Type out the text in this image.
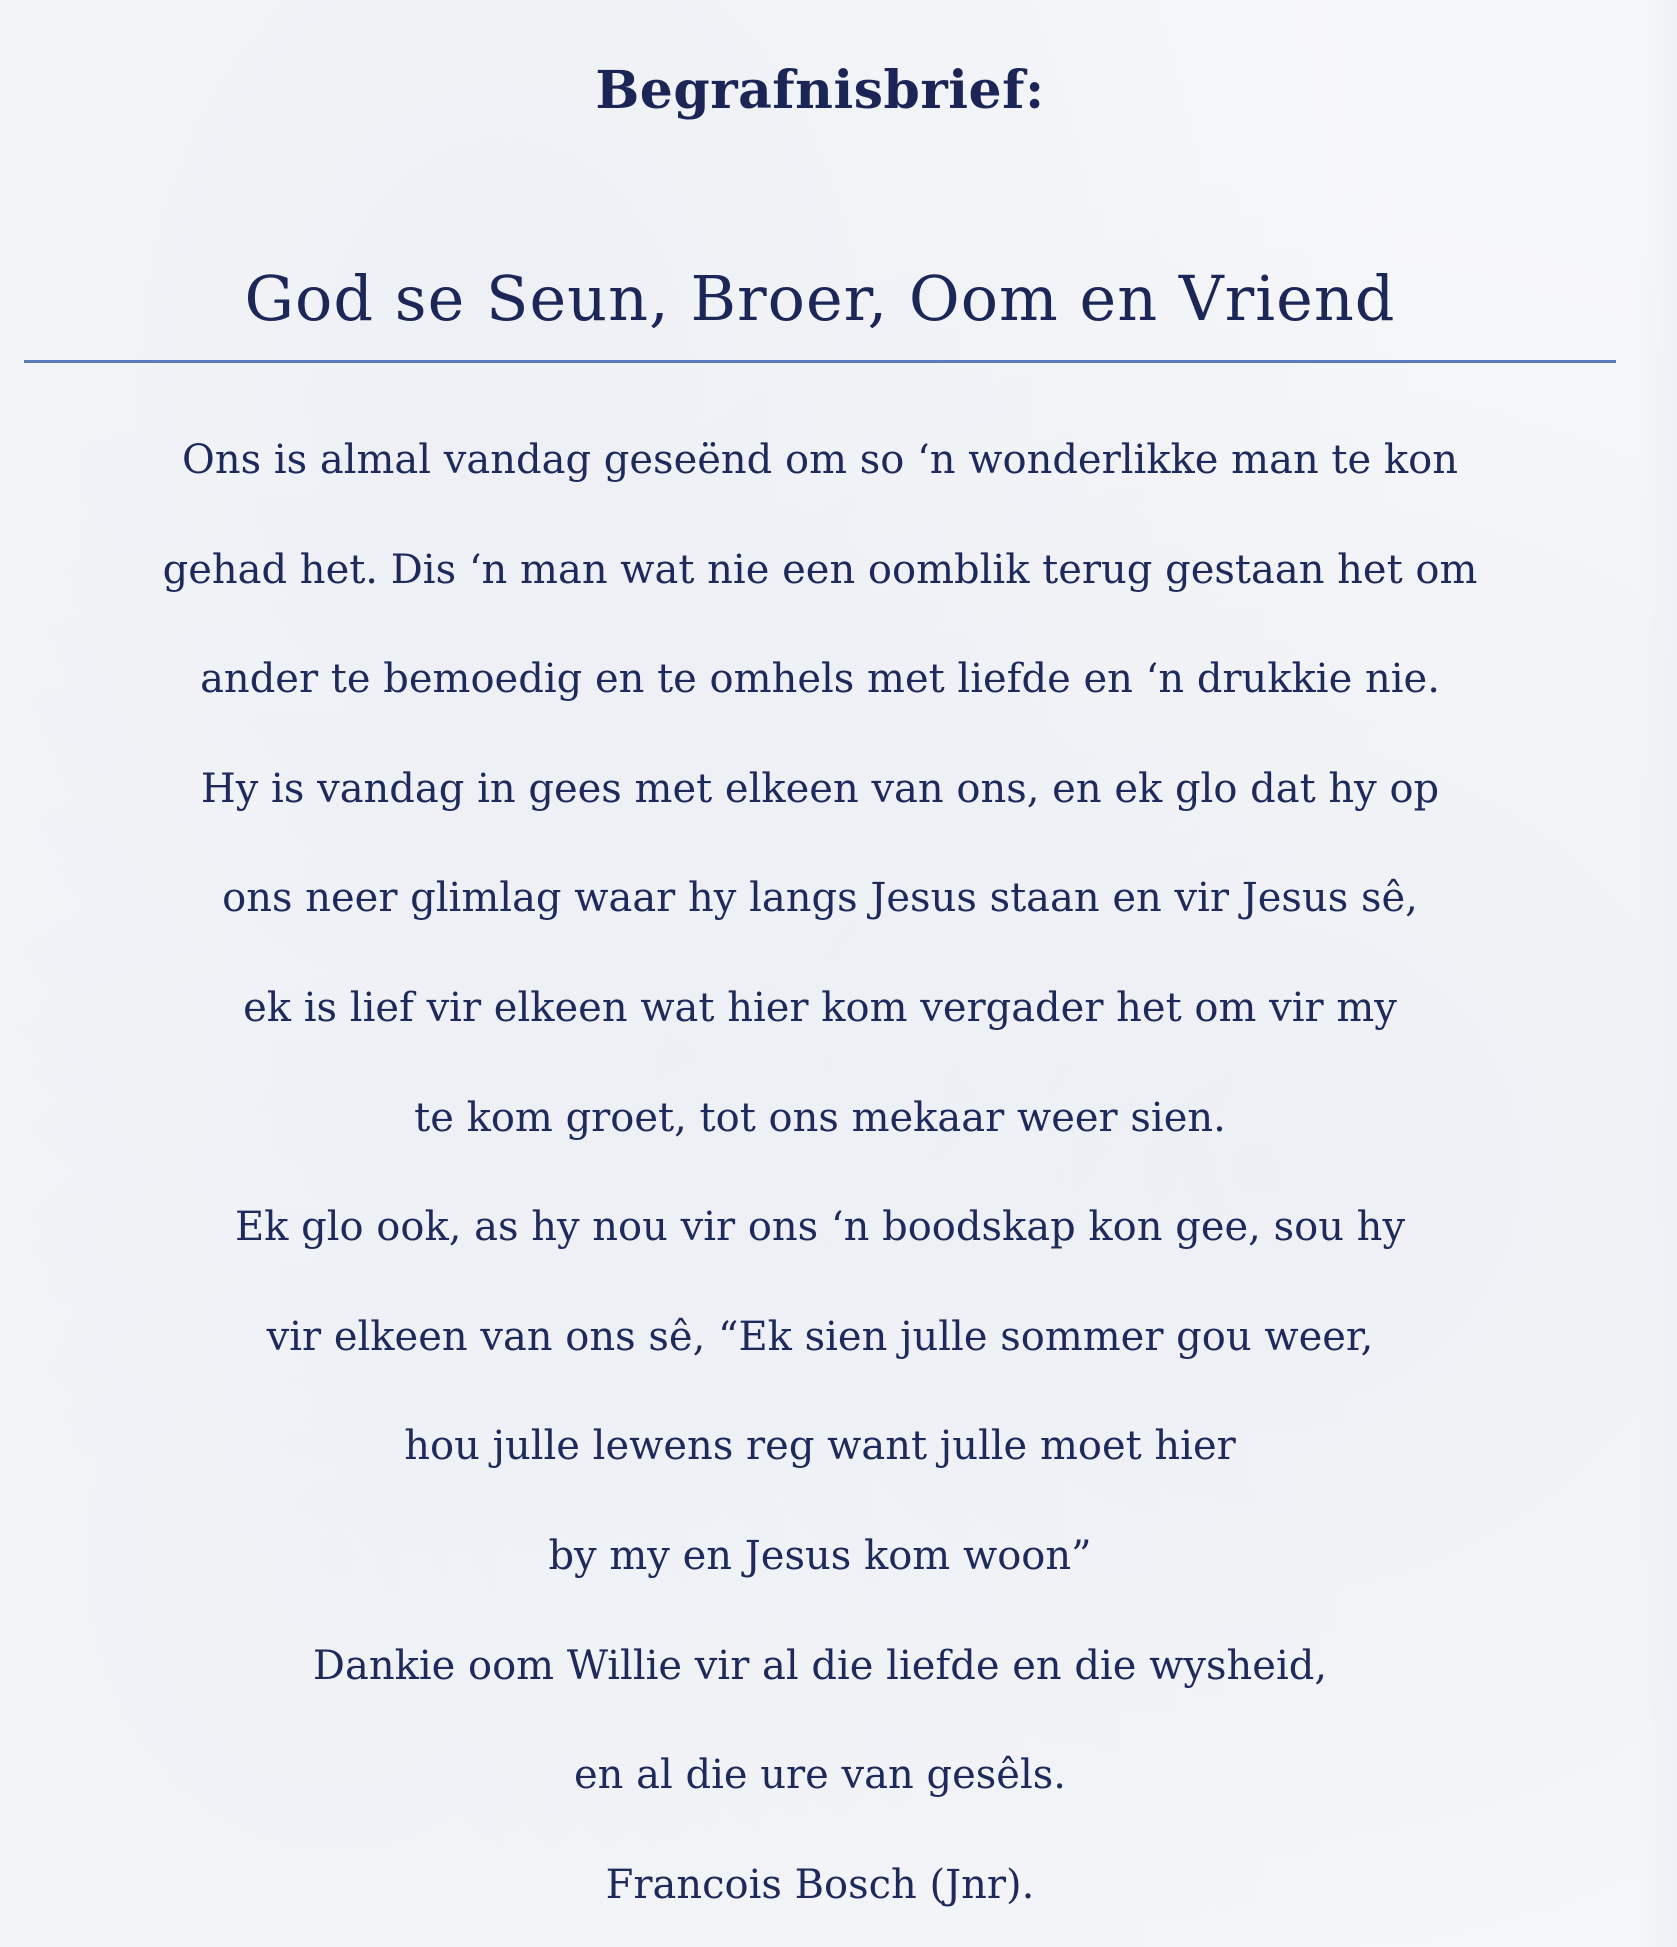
Begrafnisbrief:
God se Seun, Broer, Oom en Vriend
Ons is almal vandag geseënd om so ‘n wonderlikke man te kon
gehad het. Dis ‘n man wat nie een oomblik terug gestaan het om
ander te bemoedig en te omhels met liefde en ‘n drukkie nie.
Hy is vandag in gees met elkeen van ons, en ek glo dat hy op
ons neer glimlag waar hy langs Jesus staan en vir Jesus sê,
ek is lief vir elkeen wat hier kom vergader het om vir my
te kom groet, tot ons mekaar weer sien.
Ek glo ook, as hy nou vir ons ‘n boodskap kon gee, sou hy
vir elkeen van ons sê, “Ek sien julle sommer gou weer,
hou julle lewens reg want julle moet hier
by my en Jesus kom woon”
Dankie oom Willie vir al die liefde en die wysheid,
en al die ure van gesêls.
Francois Bosch (Jnr).
